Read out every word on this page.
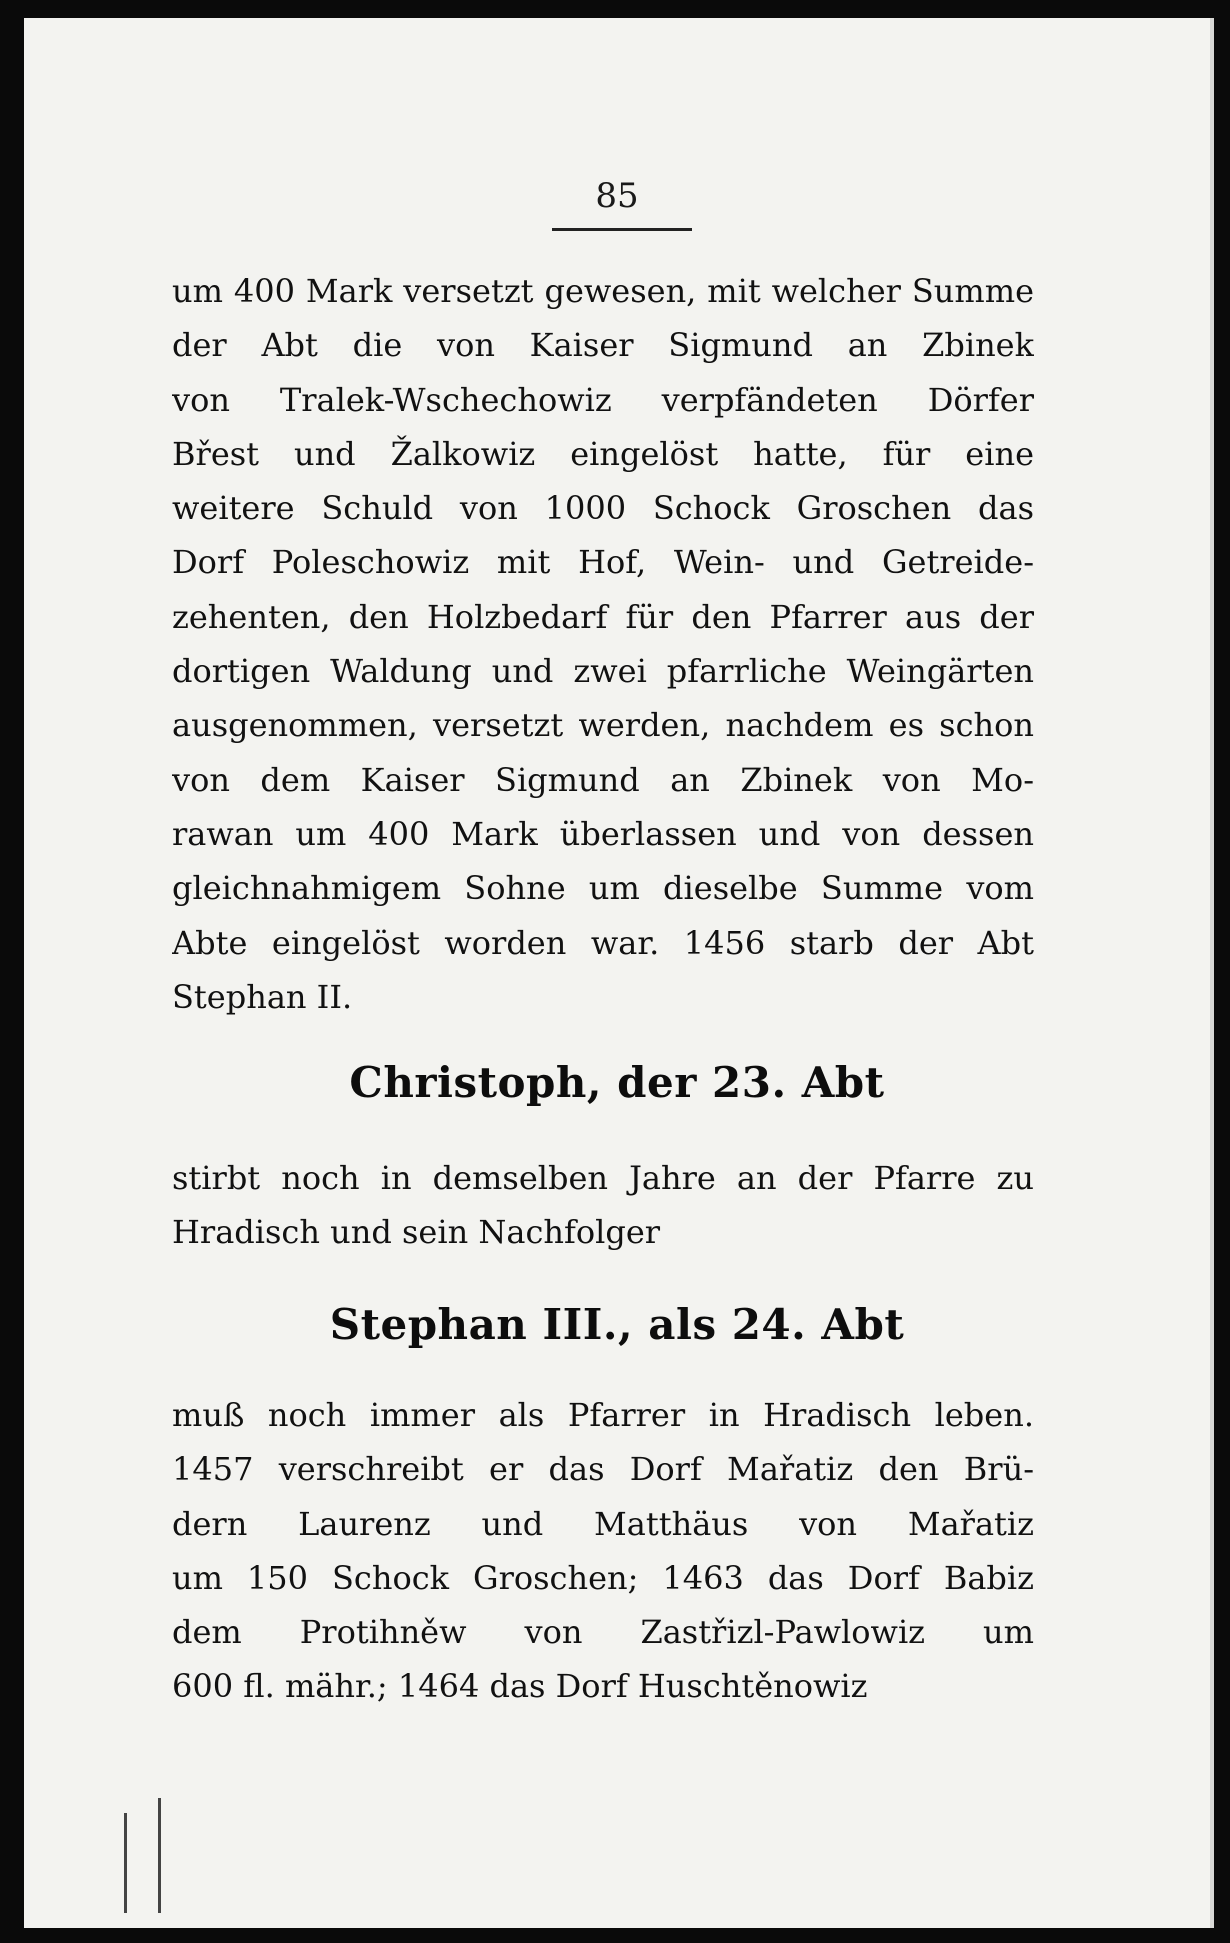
85
um 400 Mark versetzt gewesen, mit welcher Summe
der Abt die von Kaiser Sigmund an Zbinek
von Tralek-Wschechowiz verpfändeten Dörfer
Břest und Žalkowiz eingelöst hatte, für eine
weitere Schuld von 1000 Schock Groschen das
Dorf Poleschowiz mit Hof, Wein- und Getreide-
zehenten, den Holzbedarf für den Pfarrer aus der
dortigen Waldung und zwei pfarrliche Weingärten
ausgenommen, versetzt werden, nachdem es schon
von dem Kaiser Sigmund an Zbinek von Mo-
rawan um 400 Mark überlassen und von dessen
gleichnahmigem Sohne um dieselbe Summe vom
Abte eingelöst worden war. 1456 starb der Abt
Stephan II.
Christoph, der 23. Abt
stirbt noch in demselben Jahre an der Pfarre zu
Hradisch und sein Nachfolger
Stephan III., als 24. Abt
muß noch immer als Pfarrer in Hradisch leben.
1457 verschreibt er das Dorf Mařatiz den Brü-
dern Laurenz und Matthäus von Mařatiz
um 150 Schock Groschen; 1463 das Dorf Babiz
dem Protihněw von Zastřizl-Pawlowiz um
600 fl. mähr.; 1464 das Dorf Huschtěnowiz
